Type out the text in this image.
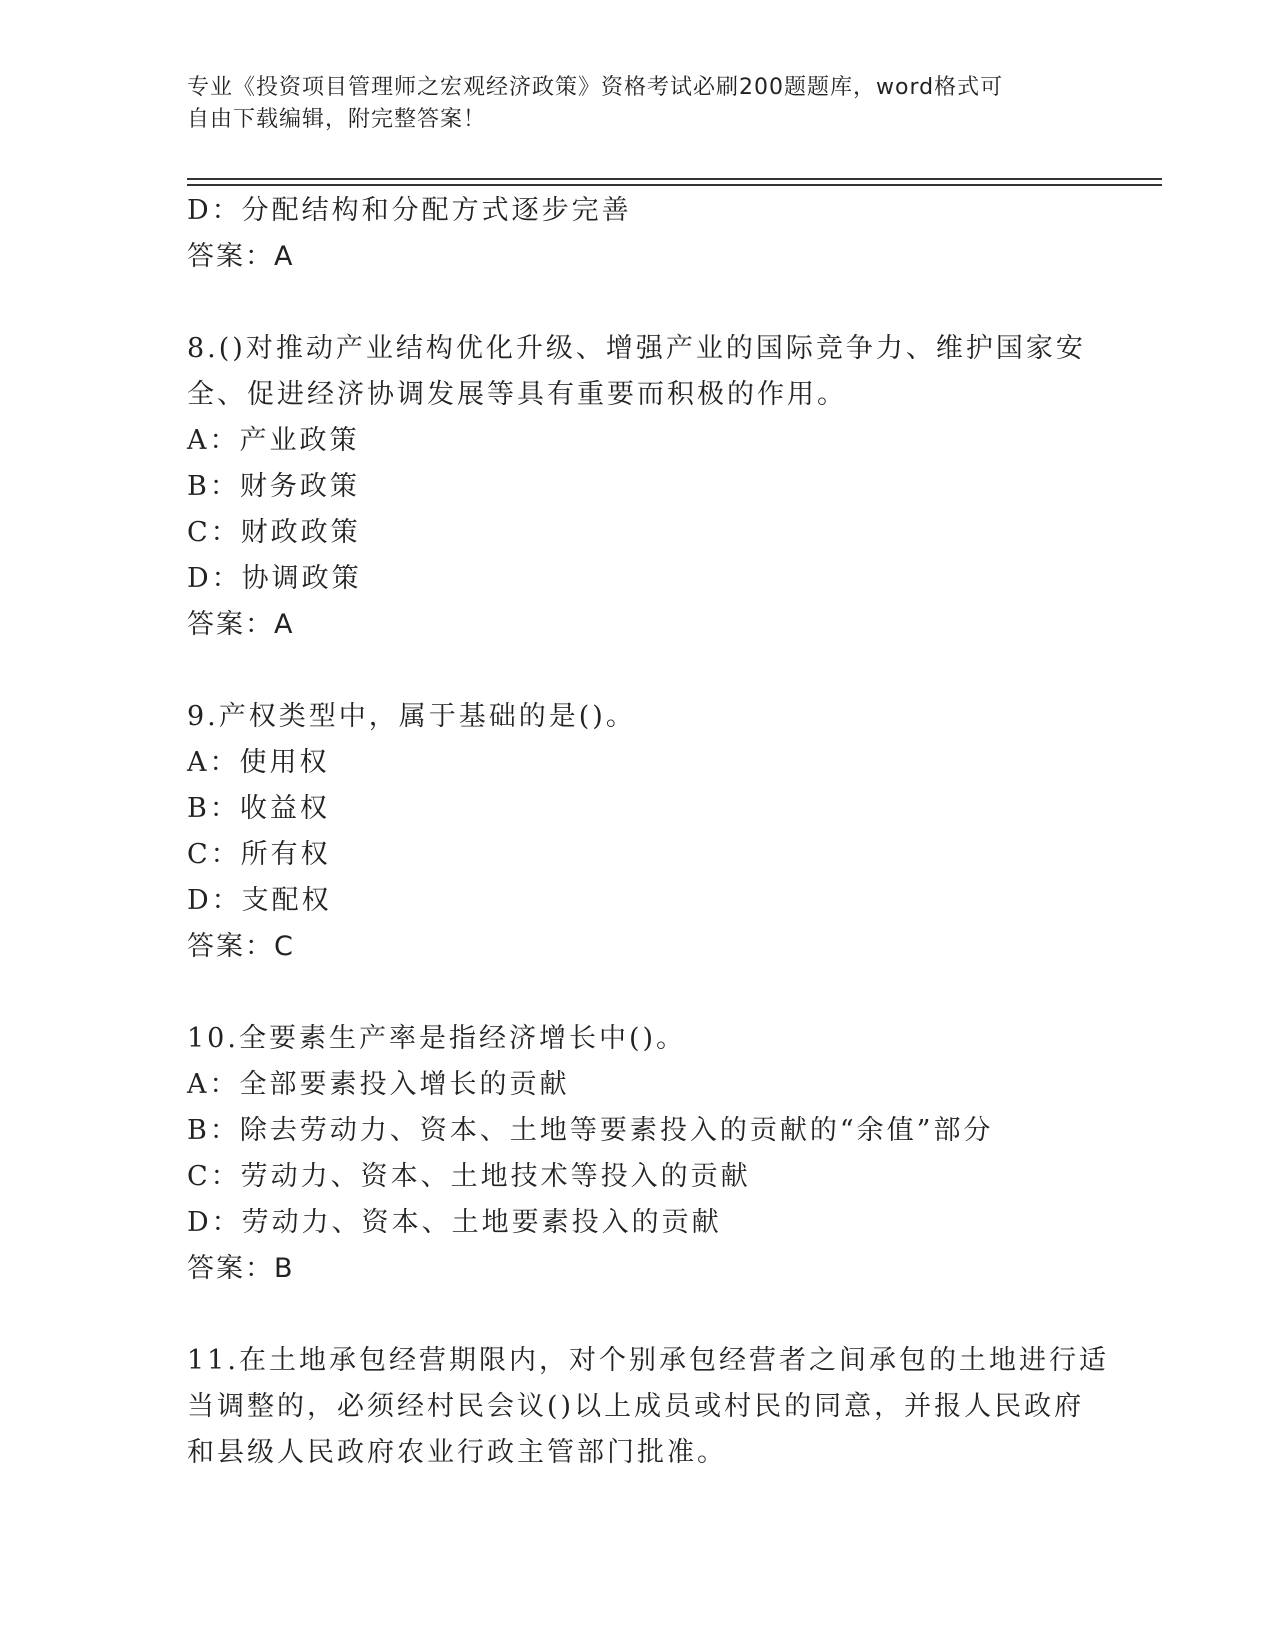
专业《投资项目管理师之宏观经济政策》资格考试必刷200题题库，word格式可
自由下载编辑，附完整答案！
D：分配结构和分配方式逐步完善
答案：A
8.()对推动产业结构优化升级、增强产业的国际竞争力、维护国家安
全、促进经济协调发展等具有重要而积极的作用。
A：产业政策
B：财务政策
C：财政政策
D：协调政策
答案：A
9.产权类型中，属于基础的是()。
A：使用权
B：收益权
C：所有权
D：支配权
答案：C
10.全要素生产率是指经济增长中()。
A：全部要素投入增长的贡献
B：除去劳动力、资本、土地等要素投入的贡献的“余值”部分
C：劳动力、资本、土地技术等投入的贡献
D：劳动力、资本、土地要素投入的贡献
答案：B
11.在土地承包经营期限内，对个别承包经营者之间承包的土地进行适
当调整的，必须经村民会议()以上成员或村民的同意，并报人民政府
和县级人民政府农业行政主管部门批准。
